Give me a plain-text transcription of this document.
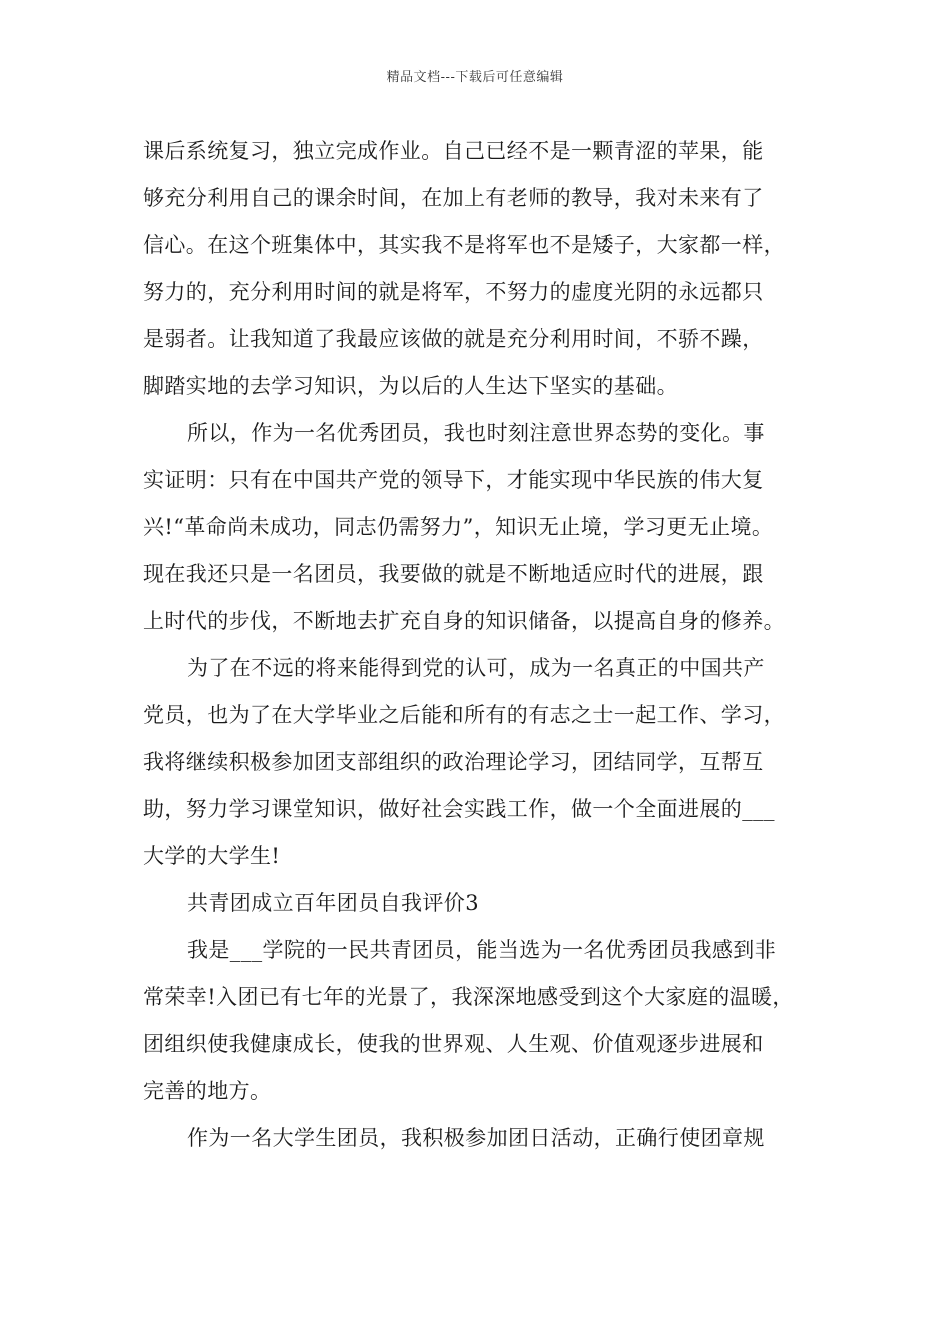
精品文档---下载后可任意编辑
课后系统复习，独立完成作业。自己已经不是一颗青涩的苹果，能
够充分利用自己的课余时间，在加上有老师的教导，我对未来有了
信心。在这个班集体中，其实我不是将军也不是矮子，大家都一样，
努力的，充分利用时间的就是将军，不努力的虚度光阴的永远都只
是弱者。让我知道了我最应该做的就是充分利用时间，不骄不躁，
脚踏实地的去学习知识，为以后的人生达下坚实的基础。
所以，作为一名优秀团员，我也时刻注意世界态势的变化。事
实证明：只有在中国共产党的领导下，才能实现中华民族的伟大复
兴!“革命尚未成功，同志仍需努力”，知识无止境，学习更无止境。
现在我还只是一名团员，我要做的就是不断地适应时代的进展，跟
上时代的步伐，不断地去扩充自身的知识储备，以提高自身的修养。
为了在不远的将来能得到党的认可，成为一名真正的中国共产
党员，也为了在大学毕业之后能和所有的有志之士一起工作、学习，
我将继续积极参加团支部组织的政治理论学习，团结同学，互帮互
助，努力学习课堂知识，做好社会实践工作，做一个全面进展的___
大学的大学生!
共青团成立百年团员自我评价3
我是___学院的一民共青团员，能当选为一名优秀团员我感到非
常荣幸!入团已有七年的光景了，我深深地感受到这个大家庭的温暖，
团组织使我健康成长，使我的世界观、人生观、价值观逐步进展和
完善的地方。
作为一名大学生团员，我积极参加团日活动，正确行使团章规
